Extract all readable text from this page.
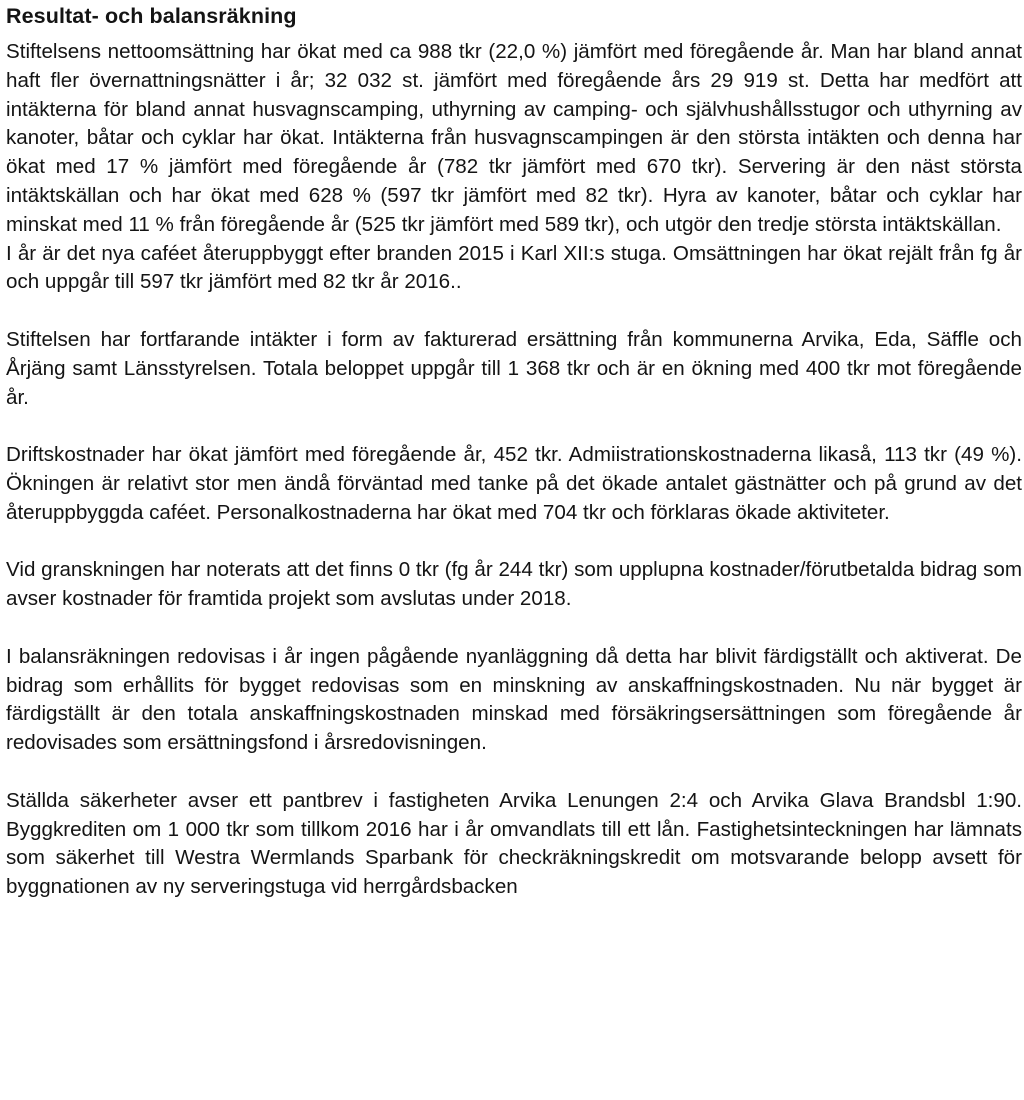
Resultat- och balansräkning

Stiftelsens nettoomsättning har ökat med ca 988 tkr (22,0 %) jämfört med föregående år. Man har bland annat haft fler övernattningsnätter i år; 32 032 st. jämfört med föregående års 29 919 st. Detta har medfört att intäkterna för bland annat husvagnscamping, uthyrning av camping- och självhushållsstugor och uthyrning av kanoter, båtar och cyklar har ökat. Intäkterna från husvagnscampingen är den största intäkten och denna har ökat med 17 % jämfört med föregående år (782 tkr jämfört med 670 tkr). Servering är den näst största intäktskällan och har ökat med 628 % (597 tkr jämfört med 82 tkr). Hyra av kanoter, båtar och cyklar har minskat med 11 % från föregående år (525 tkr jämfört med 589 tkr), och utgör den tredje största intäktskällan.
I år är det nya caféet återuppbyggt efter branden 2015 i Karl XII:s stuga. Omsättningen har ökat rejält från fg år och uppgår till 597 tkr jämfört med 82 tkr år 2016..

Stiftelsen har fortfarande intäkter i form av fakturerad ersättning från kommunerna Arvika, Eda, Säffle och Årjäng samt Länsstyrelsen. Totala beloppet uppgår till 1 368 tkr och är en ökning med 400 tkr mot föregående år.

Driftskostnader har ökat jämfört med föregående år, 452 tkr. Admiistrationskostnaderna likaså, 113 tkr (49 %). Ökningen är relativt stor men ändå förväntad med tanke på det ökade antalet gästnätter och på grund av det återuppbyggda caféet. Personalkostnaderna har ökat med 704 tkr och förklaras ökade aktiviteter.

Vid granskningen har noterats att det finns 0 tkr (fg år 244 tkr) som upplupna kostnader/förutbetalda bidrag som avser kostnader för framtida projekt som avslutas under 2018.

I balansräkningen redovisas i år ingen pågående nyanläggning då detta har blivit färdigställt och aktiverat. De bidrag som erhållits för bygget redovisas som en minskning av anskaffningskostnaden. Nu när bygget är färdigställt är den totala anskaffningskostnaden minskad med försäkringsersättningen som föregående år redovisades som ersättningsfond i årsredovisningen.

Ställda säkerheter avser ett pantbrev i fastigheten Arvika Lenungen 2:4 och Arvika Glava Brandsbl 1:90. Byggkrediten om 1 000 tkr som tillkom 2016 har i år omvandlats till ett lån. Fastighetsinteckningen har lämnats som säkerhet till Westra Wermlands Sparbank för checkräkningskredit om motsvarande belopp avsett för byggnationen av ny serveringstuga vid herrgårdsbacken
